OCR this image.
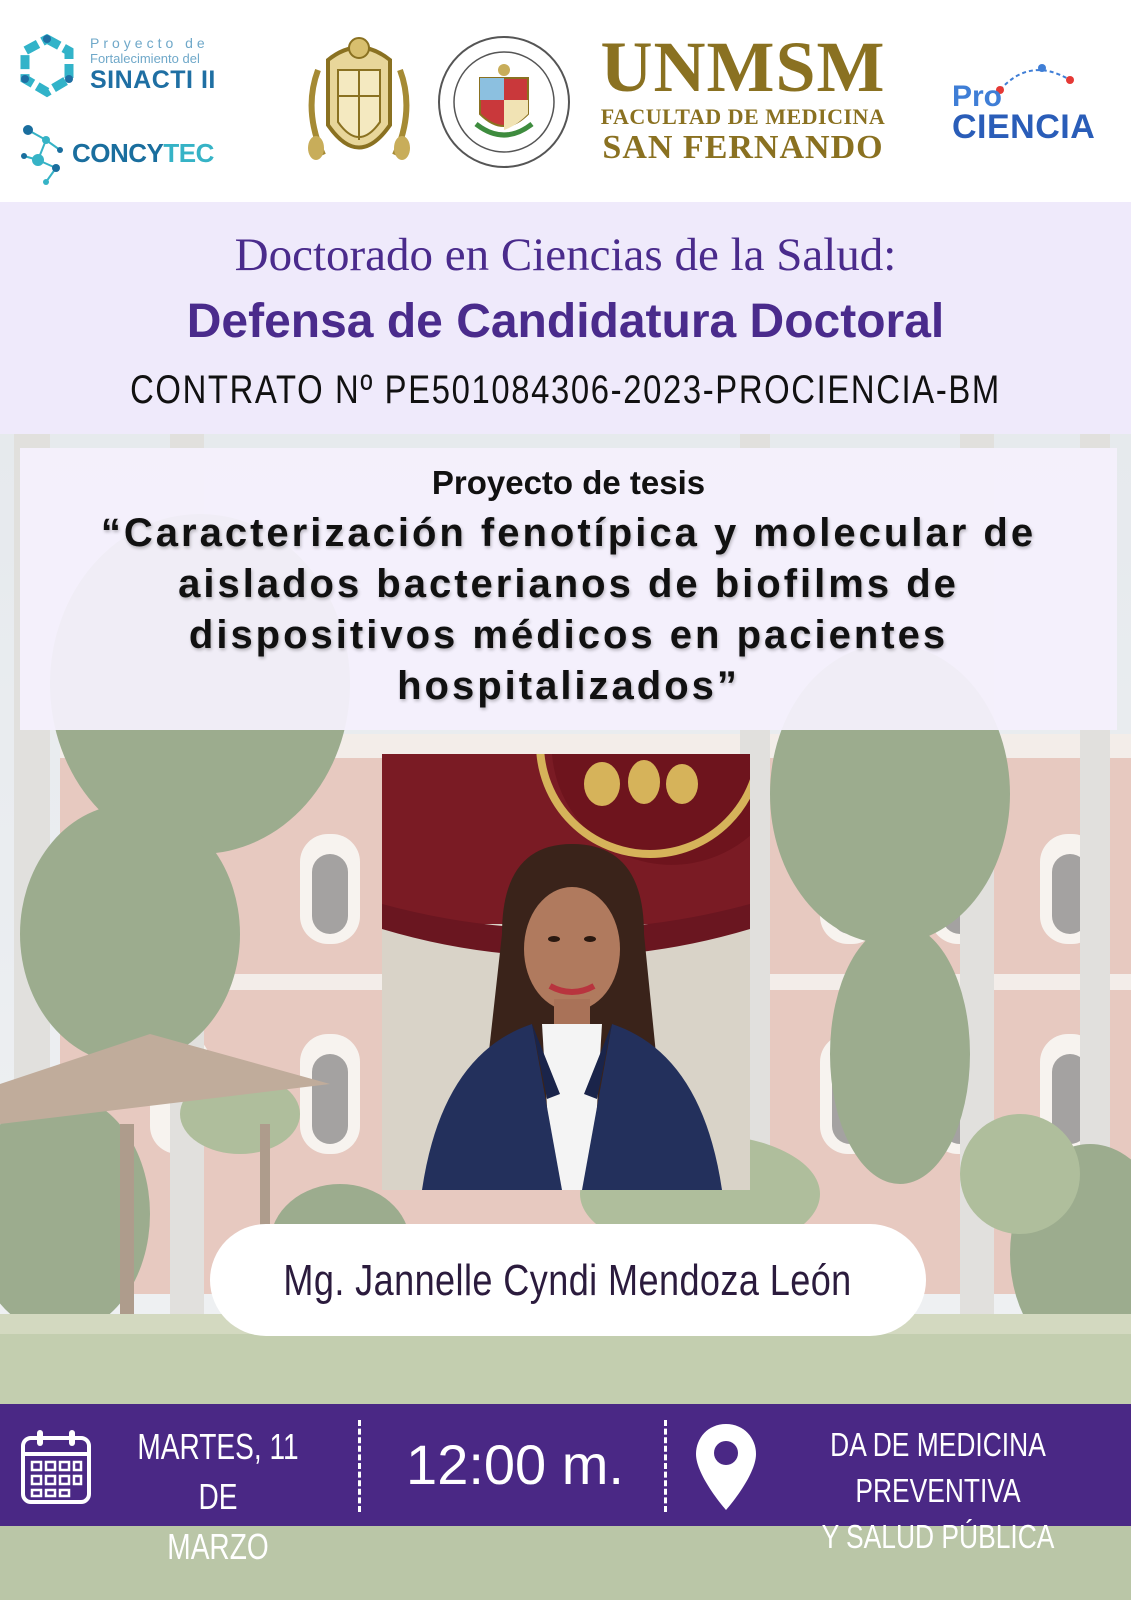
Proyecto de
Fortalecimiento del
SINACTI II
CONCYTEC
UNMSM
FACULTAD DE MEDICINA
SAN FERNANDO
Pro
CIENCIA
Doctorado en Ciencias de la Salud:
Defensa de Candidatura Doctoral
CONTRATO Nº PE501084306-2023-PROCIENCIA-BM
Proyecto de tesis
“Caracterización fenotípica y molecular de aislados bacterianos de biofilms de dispositivos médicos en pacientes hospitalizados”
Mg. Jannelle Cyndi Mendoza León
MARTES, 11 DE
MARZO
12:00 m.	DA DE MEDICINA PREVENTIVA
Y SALUD PÚBLICA
